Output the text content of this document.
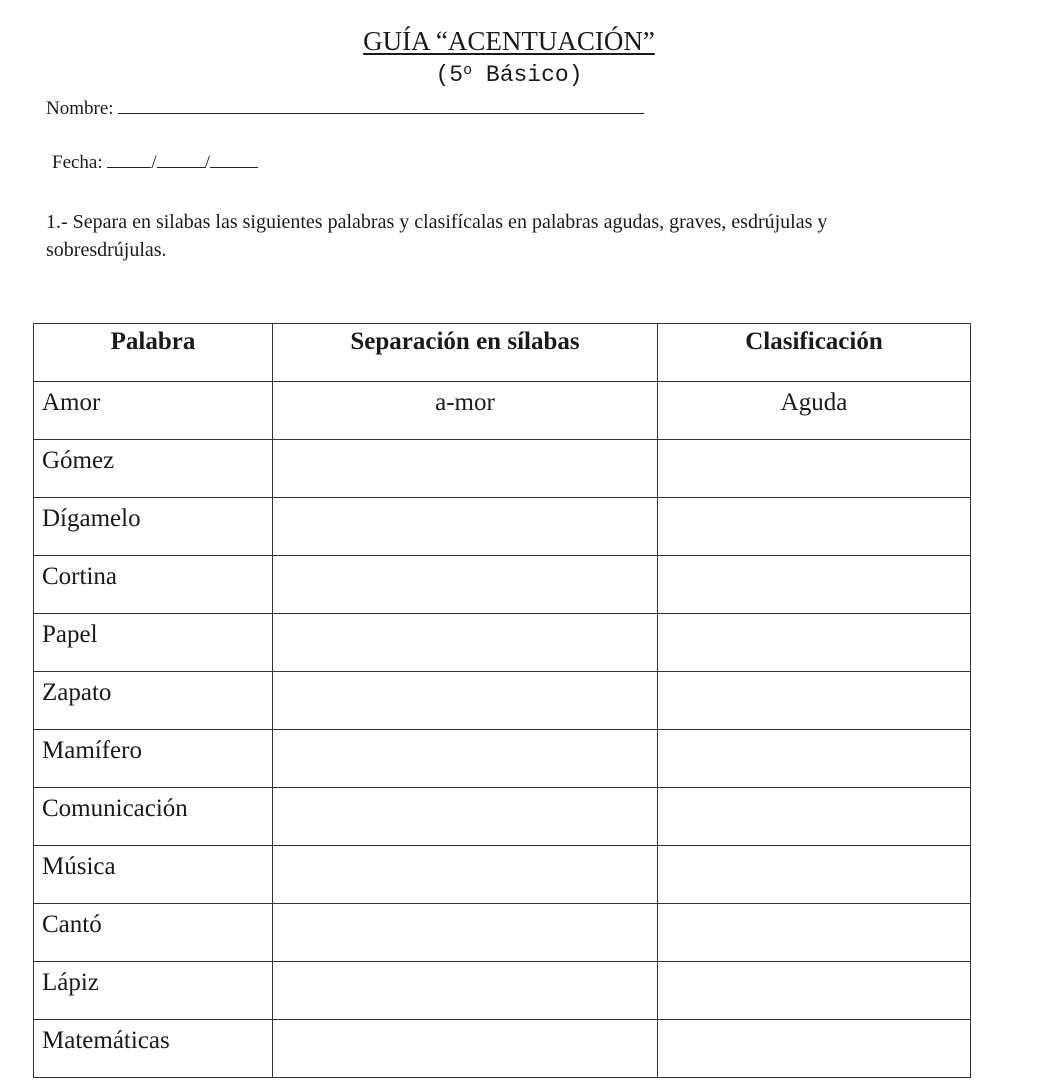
GUÍA “ACENTUACIÓN”
(5$^o$ Básico)
Nombre:
Fecha:	/	/
1.- Separa en silabas las siguientes palabras y clasifícalas en palabras agudas, graves, esdrújulas y sobresdrújulas.
Palabra	Separación en sílabas	Clasificación
Amor	a-mor	Aguda
Gómez		
Dígamelo		
Cortina		
Papel		
Zapato		
Mamífero		
Comunicación		
Música		
Cantó		
Lápiz		
Matemáticas		
